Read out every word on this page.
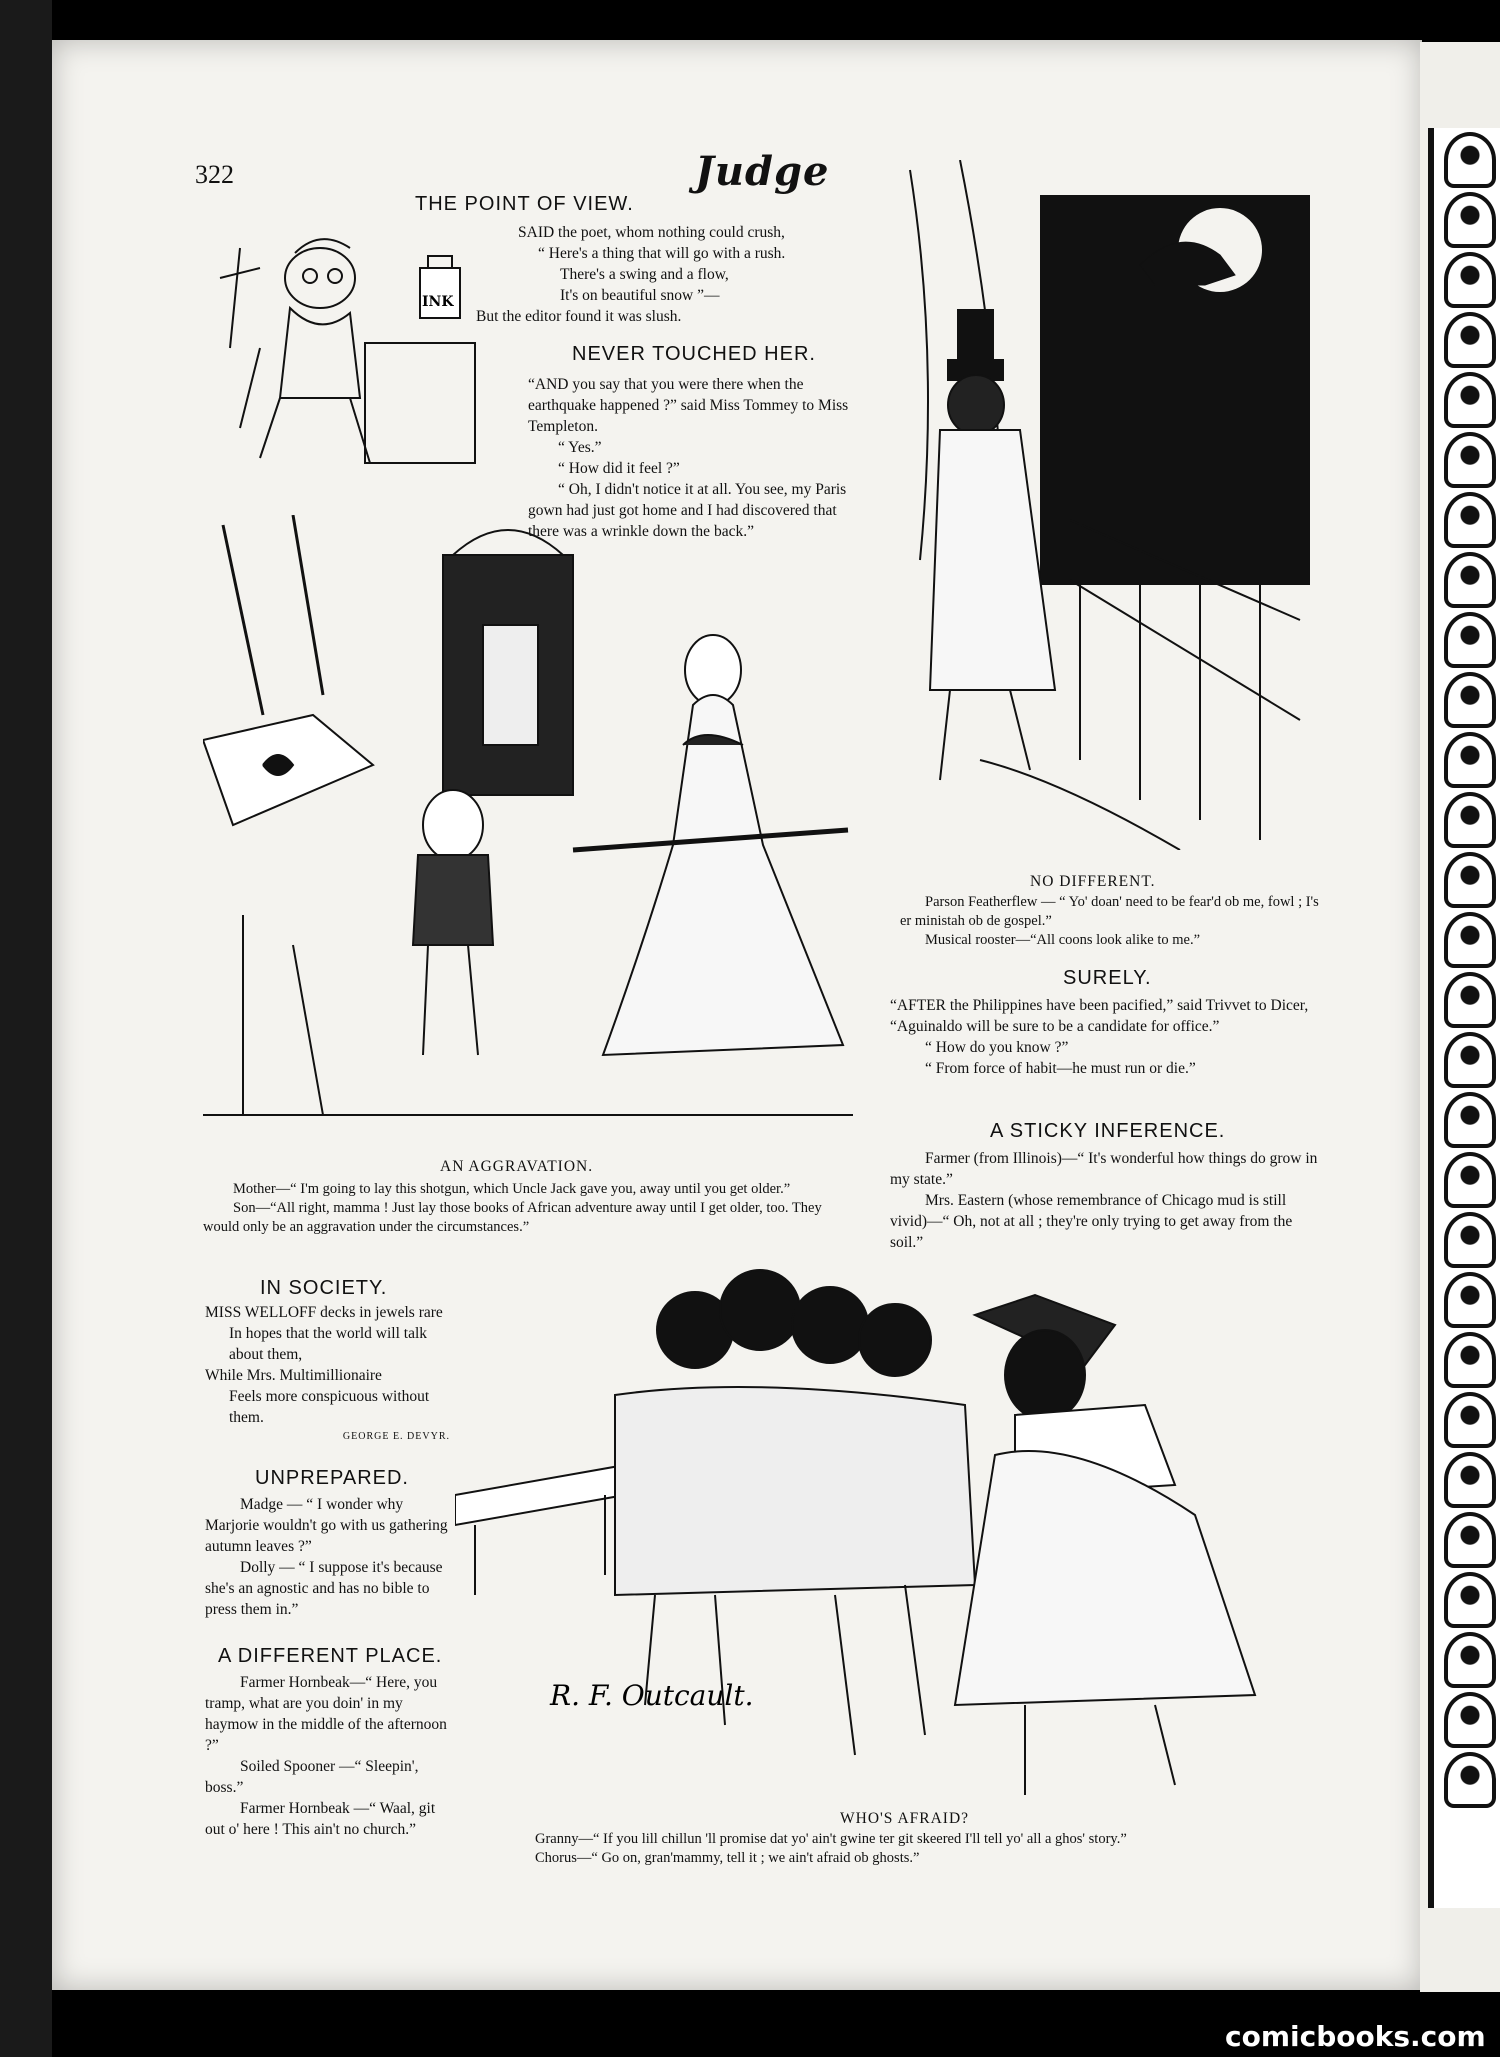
322	Judge
INK
THE POINT OF VIEW.

SAID the poet, whom nothing could crush,

“ Here's a thing that will go with a rush.

There's a swing and a flow,

It's on beautiful snow ”—

But the editor found it was slush.

NEVER TOUCHED HER.

“AND you say that you were there when the earthquake happened ?” said Miss Tommey to Miss Templeton.

“ Yes.”

“ How did it feel ?”

“ Oh, I didn't notice it at all. You see, my Paris gown had just got home and I had discovered that there was a wrinkle down the back.”

AN AGGRAVATION.

Mother—“ I'm going to lay this shotgun, which Uncle Jack gave you, away until you get older.”

Son—“All right, mamma ! Just lay those books of African adventure away until I get older, too. They would only be an aggravation under the circumstances.”

NO DIFFERENT.

Parson Featherflew — “ Yo' doan' need to be fear'd ob me, fowl ; I's er ministah ob de gospel.”

Musical rooster—“All coons look alike to me.”

SURELY.

“AFTER the Philippines have been pacified,” said Trivvet to Dicer, “Aguinaldo will be sure to be a candidate for office.”

“ How do you know ?”

“ From force of habit—he must run or die.”

A STICKY INFERENCE.

Farmer (from Illinois)—“ It's wonderful how things do grow in my state.”

Mrs. Eastern (whose remembrance of Chicago mud is still vivid)—“ Oh, not at all ; they're only trying to get away from the soil.”

IN SOCIETY.

MISS WELLOFF decks in jewels rare

In hopes that the world will talk about them,

While Mrs. Multimillionaire

Feels more conspicuous without them.

GEORGE E. DEVYR.

UNPREPARED.

Madge — “ I wonder why Marjorie wouldn't go with us gathering autumn leaves ?”

Dolly — “ I suppose it's because she's an agnostic and has no bible to press them in.”

A DIFFERENT PLACE.

Farmer Hornbeak—“ Here, you tramp, what are you doin' in my haymow in the middle of the afternoon ?”

Soiled Spooner —“ Sleepin', boss.”

Farmer Hornbeak —“ Waal, git out o' here ! This ain't no church.”

R. F. Outcault.
WHO'S AFRAID?

Granny—“ If you lill chillun 'll promise dat yo' ain't gwine ter git skeered I'll tell yo' all a ghos' story.”

Chorus—“ Go on, gran'mammy, tell it ; we ain't afraid ob ghosts.”

comicbooks.com
